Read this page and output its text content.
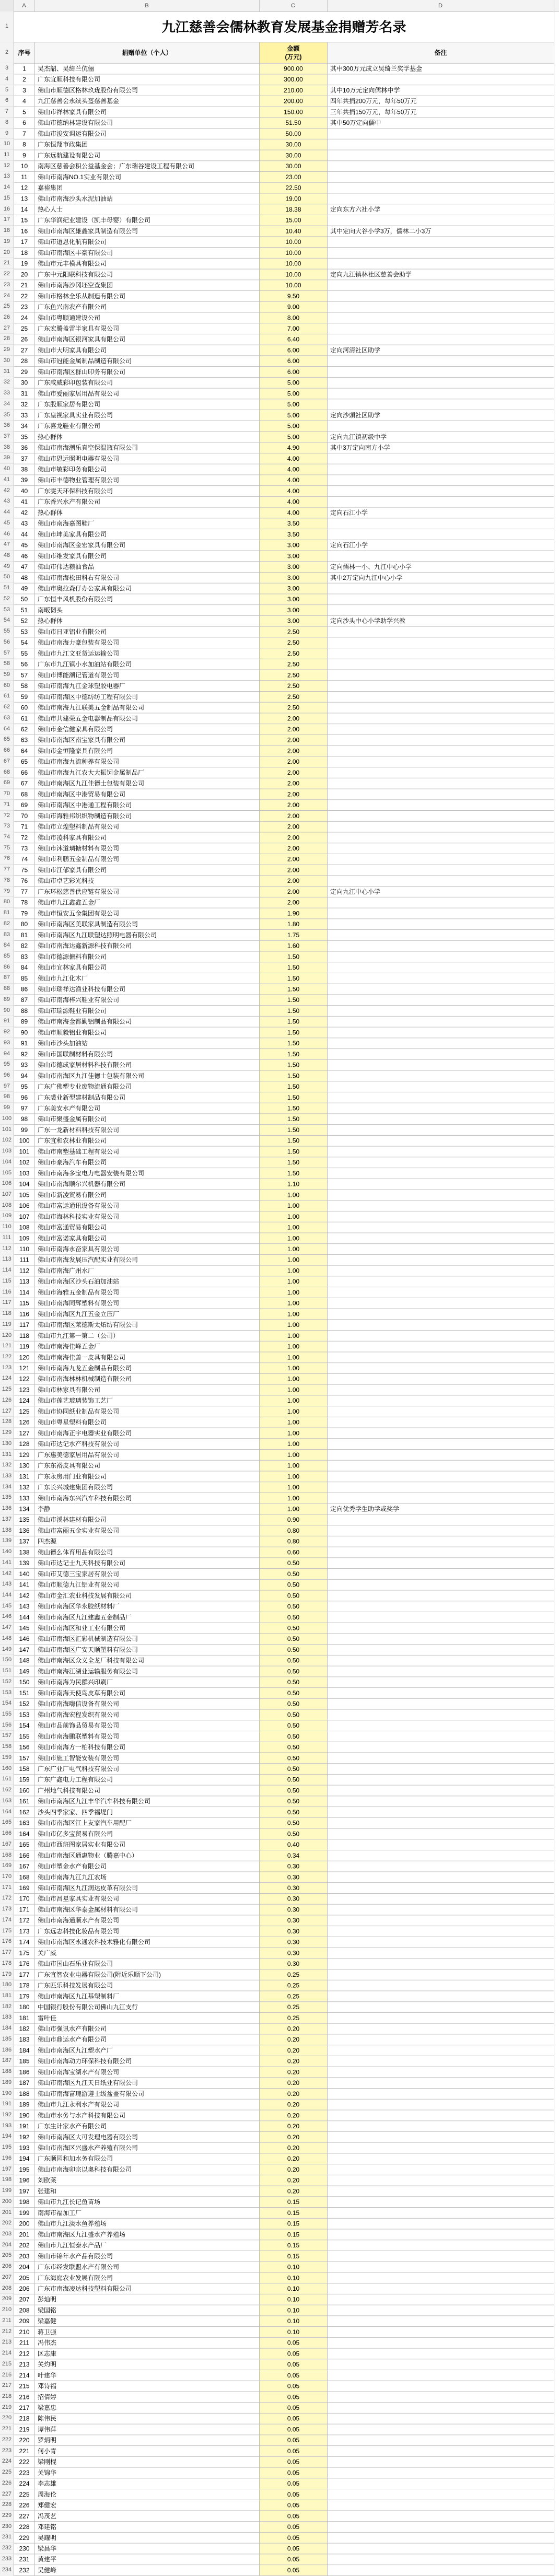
A	B	C	D
1
2
3
4
5
6
7
8
9
10
11
12
13
14
15
16
17
18
19
20
21
22
23
24
25
26
27
28
29
30
31
32
33
34
35
36
37
38
39
40
41
42
43
44
45
46
47
48
49
50
51
52
53
54
55
56
57
58
59
60
61
62
63
64
65
66
67
68
69
70
71
72
73
74
75
76
77
78
79
80
81
82
83
84
85
86
87
88
89
90
91
92
93
94
95
96
97
98
99
100
101
102
103
104
105
106
107
108
109
110
111
112
113
114
115
116
117
118
119
120
121
122
123
124
125
126
127
128
129
130
131
132
133
134
135
136
137
138
139
140
141
142
143
144
145
146
147
148
149
150
151
152
153
154
155
156
157
158
159
160
161
162
163
164
165
166
167
168
169
170
171
172
173
174
175
176
177
178
179
180
181
182
183
184
185
186
187
188
189
190
191
192
193
194
195
196
197
198
199
200
201
202
203
204
205
206
207
208
209
210
211
212
213
214
215
216
217
218
219
220
221
222
223
224
225
226
227
228
229
230
231
232
233
234
九江慈善会儒林教育发展基金捐赠芳名录			
序号	捐赠单位（个人）	金额
(万元)	备注
1	吴杰韶、吴绮兰伉俪	900.00	其中300万元成立吴绮兰奖学基金
2	广东宜顺科技有限公司	300.00	
3	佛山市顺德区格林玖珑股份有限公司	210.00	其中10万元定向儒林中学
4	九江慈善会永续头盔慈善基金	200.00	四年共捐200万元，每年50万元
5	佛山市祥林家具有限公司	150.00	三年共捐150万元，每年50万元
6	佛山市德纳林建设有限公司	51.50	其中50万定向儒中
7	佛山市浚安调运有限公司	50.00	
8	广东恒翔市政集团	30.00	
9	广东远航建设有限公司	30.00	
10	南海区慈善会积公益基金会；广东瑞谷建设工程有限公司	30.00	
11	佛山市南海NO.1实业有限公司	23.00	
12	嘉裕集团	22.50	
13	佛山市南海沙头水泥加油站	19.00	
14	热心人士	18.38	定向东方六社小学
15	广东华润纪业建设（凯丰母婴）有限公司	15.00	
16	佛山市南海区雄鑫家具制造有限公司	10.40	其中定向大谷小学3万，儒林二小3万
17	佛山市道恩化航有限公司	10.00	
18	佛山市南海区丰豪有限公司	10.00	
19	佛山市元丰模具有限公司	10.00	
20	广东中元阳联科技有限公司	10.00	定向九江镇林社区慈善会助学
21	佛山市南海沙冈坯空查集团	10.00	
22	佛山市格林全乐从制造有限公司	9.50	
23	广东鱼兴南农产有限公司	9.00	
24	佛山市粤顺通建设公司	8.00	
25	广东宏腾盖雷半家具有限公司	7.00	
26	佛山市南海区银河家具有限公司	6.40	
27	佛山市大明家具有限公司	6.00	定向河清社区助学
28	佛山市冠能金属制品制造有限公司	6.00	
29	佛山市南海区群山印务有限公司	6.00	
30	广东咸威彩印包装有限公司	5.00	
31	佛山市爱丽家居用品有限公司	5.00	
32	广东殷顺家居有限公司	5.00	
33	广东皇视家具实业有限公司	5.00	定向沙頭社区助学
34	广东喜龙鞋业有限公司	5.00	
35	热心群体	5.00	定向九江镇初级中学
36	佛山市南海潮乐真空保温瓶有限公司	4.90	其中3万定向南方小学
37	佛山市恩远照明电器有限公司	4.00	
38	佛山市敏彩印务有限公司	4.00	
39	佛山市丰德物业管理有限公司	4.00	
40	广东雯天环保科技有限公司	4.00	
41	广东香兴水产有限公司	4.00	
42	热心群体	4.00	定向石江小学
43	佛山市南海嘉图鞋厂	3.50	
44	佛山市坤美家具有限公司	3.50	
45	佛山市南海区金宏家具有限公司	3.00	定向石江小学
46	佛山市维发家具有限公司	3.00	
47	佛山市伟达粮油食品	3.00	定向儒林一小、九江中心小学
48	佛山市南海松田科右有限公司	3.00	其中2万定向九江中心小学
49	佛山市奥拉森仔办公家具有限公司	3.00	
50	广东恒丰风机股份有限公司	3.00	
51	南畈韧头	3.00	
52	热心群体	3.00	定向沙头中心小学助学兴教
53	佛山市日亚铝业有限公司	2.50	
54	佛山市南海力豪包装有限公司	2.50	
55	佛山市九江文亚货运运输公司	2.50	
56	广东市九江镇小水加油站有限公司	2.50	
57	佛山市博能潮记管道有限公司	2.50	
58	佛山市南海九江金球塑胶电器厂	2.50	
59	佛山市南海区中德纺纺工程有限公司	2.50	
60	佛山市南海九江联美五金制品有限公司	2.50	
61	佛山市共建荣五金电器制品有限公司	2.00	
62	佛山市金信健家具有限公司	2.00	
63	佛山市南海区南宝家具有限公司	2.00	
64	佛山市金恒隆家具有限公司	2.00	
65	佛山市南海九流种养有限公司	2.00	
66	佛山市南海九江农大大振饲金属制品厂	2.00	
67	佛山市南海区九江佳德士包装有限公司	2.00	
68	佛山市南海区中港贸易有限公司	2.00	
69	佛山市南海区中港通工程有限公司	2.00	
70	佛山市海雅邦织织物制造有限公司	2.00	
71	佛山市立煌塑料制品有限公司	2.00	
72	佛山市凌科家具有限公司	2.00	
73	佛山市沐道璃搪材料有限公司	2.00	
74	佛山市利鹏五金制品有限公司	2.00	
75	佛山市江郁家具有限公司	2.00	
76	佛山市卓艺彩光科技	2.00	
77	广东环松慈善供应链有限公司	2.00	定向九江中心小学
78	佛山市九江鑫鑫五金厂	2.00	
79	佛山市恒安五金集团有限公司	1.90	
80	佛山市南海区美联家具制造有限公司	1.80	
81	佛山市南海区九江联塑达照明电器有限公司	1.75	
82	佛山市南海达鑫新源科技有限公司	1.60	
83	佛山市德源搪料有限公司	1.50	
84	佛山市宜林家具有限公司	1.50	
85	佛山市九江化木厂	1.50	
86	佛山市瑞祥达渔业科技有限公司	1.50	
87	佛山市南海梓兴鞋业有限公司	1.50	
88	佛山市瑞源鞋业有限公司	1.50	
89	佛山市南海金都勤铝制品有限公司	1.50	
90	佛山市顺毅铝业有限公司	1.50	
91	佛山市沙头加油站	1.50	
92	佛山市国联制材料有限公司	1.50	
93	佛山市德成家居材料科技有限公司	1.50	
94	佛山市南海区九江佳德士包装有限公司	1.50	
95	广东广佛塑专业废物流通有限公司	1.50	
96	广东裘业新型建材制品有限公司	1.50	
97	广东美安水产有限公司	1.50	
98	佛山市聚盛金属有限公司	1.50	
99	广东一龙新材料科技有限公司	1.50	
100	广东宜和农林业有限公司	1.50	
101	佛山市南塑基础工程有限公司	1.50	
102	佛山市豪海汽车有限公司	1.50	
103	佛山市南海多宝电力电器安装有限公司	1.50	
104	佛山市南海顺尔兴机器有限公司	1.10	
105	佛山市新凌贸易有限公司	1.00	
106	佛山市富运通讯设备有限公司	1.00	
107	佛山市海林科技实业有限公司	1.00	
108	佛山市富通贸易有限公司	1.00	
109	佛山市富诺家具有限公司	1.00	
110	佛山市南海永奋家具有限公司	1.00	
111	佛山市南海发展压汽配实业有限公司	1.00	
112	佛山市南海广州水厂	1.00	
113	佛山市南海区沙头石油加油站	1.00	
114	佛山市海雅五金制品有限公司	1.00	
115	佛山市南海同辉塑料有限公司	1.00	
116	佛山市南海区九江五金立压厂	1.00	
117	佛山市南海区莱德斯太炻纺有限公司	1.00	
118	佛山市九江第一第二（公司）	1.00	
119	佛山市南海佳峰五金厂	1.00	
120	佛山市南海佳善一皮具有限公司	1.00	
121	佛山市南海九龙五金制品有限公司	1.00	
122	佛山市南海林林机械制造有限公司	1.00	
123	佛山市林家具有限公司	1.00	
124	佛山市莲艺玻璃装饰工艺厂	1.00	
125	佛山市协同纸业制品有限公司	1.00	
126	佛山市粤星塑料有限公司	1.00	
127	佛山市南海正宇电器实业有限公司	1.00	
128	佛山市达记水产科技有限公司	1.00	
129	广东惠美德家居用品有限公司	1.00	
130	广东东裕皮具有限公司	1.00	
131	广东永房用门业有限公司	1.00	
132	广东长兴城建集团有限公司	1.00	
133	佛山市南海东兴汽车科技有限公司	1.00	
134	李静	1.00	定向优秀学生助学或奖学
135	佛山市溪林建材有限公司	0.90	
136	佛山市富丽五金实业有限公司	0.80	
137	四杰源	0.80	
138	佛山德么体育用品有限公司	0.60	
139	佛山市达记士九天科技有限公司	0.50	
140	佛山市艾德三宝家居有限公司	0.50	
141	佛山市顺德九江铝业有限公司	0.50	
142	佛山市金汇农业科技发展有限公司	0.50	
143	佛山市南海区华永胶纸材料厂	0.50	
144	佛山市南海区九江建鑫五金制品厂	0.50	
145	佛山市南海区和业工业有限公司	0.50	
146	佛山市南海区汇彩机械制造有限公司	0.50	
147	佛山市南海区广安天顺塑料有限公司	0.50	
148	佛山市南海区众义全龙厂科技有限公司	0.50	
149	佛山市南海江湖业运输服务有限公司	0.50	
150	佛山市南海为民群兴印刷厂	0.50	
151	佛山市南海天使鸟皮草有限公司	0.50	
152	佛山市南海嗨信设备有限公司	0.50	
153	佛山市南海宏程发织有限公司	0.50	
154	佛山市品前饰品贸易有限公司	0.50	
155	佛山市南海鹏联塑料有限公司	0.50	
156	佛山市南海方一柏科技有限公司	0.50	
157	佛山市施工智能安装有限公司	0.50	
158	广东广业厂电气科技有限公司	0.50	
159	广东广鑫电力工程有限公司	0.50	
160	广州地气科技有限公司	0.50	
161	佛山市南海区九江丰华汽车科技有限公司	0.50	
162	沙头四季家家、四季福堤门	0.50	
163	佛山市南海区江上友家汽车用配厂	0.50	
164	佛山市亿多宝贸易有限公司	0.50	
165	佛山市西班图家居实业有限公司	0.40	
166	佛山市南海区通惠物业（腾嘉中心）	0.34	
167	佛山市塑金水产有限公司	0.30	
168	佛山市南海九江九江农场	0.30	
169	佛山市南海区九江润达皮革有限公司	0.30	
170	佛山市昌星家具实业有限公司	0.30	
171	佛山市南海区华泰金属材料有限公司	0.30	
172	佛山市南海通顺水产有限公司	0.30	
173	广东远志科技化妆品有限公司	0.30	
174	佛山市南海区永通农科技术雅化有限公司	0.30	
175	关广威	0.30	
176	佛山市国山石乐业有限公司	0.30	
177	广东宜智农业电器有限公司(附近乐顺下公司)	0.25	
178	广东匹乐科技发展有限公司	0.25	
179	佛山市南海区九江基塑制料厂	0.25	
180	中国银行股份有限公司佛山九江支行	0.25	
181	雷叶佳	0.25	
182	佛山市强讯水产有限公司	0.20	
183	佛山市鼎运水产有限公司	0.20	
184	佛山市南海区九江塑水产厂	0.20	
185	佛山市南海动力环保科技有限公司	0.20	
186	佛山市南海宝湖水产有限公司	0.20	
187	佛山市南海区九江天日纸业有限公司	0.20	
188	佛山市南海富瑰游遵士级盆盖有限公司	0.20	
189	佛山市九江永利水产有限公司	0.20	
190	佛山市水务与水产科技有限公司	0.20	
191	广东生计家水产有限公司	0.20	
192	佛山市南海区大可发理电器有限公司	0.20	
193	佛山市南海区兴盛水产养殖有限公司	0.20	
194	广东顺园和加水务有限公司	0.20	
195	佛山市南海卯宗以奥科技有限公司	0.20	
196	刘欧莱	0.20	
197	张建和	0.20	
198	佛山市九江长记鱼苗场	0.15	
199	南海市福加工厂	0.15	
200	佛山市九江淡水鱼养殖场	0.15	
201	佛山市南海区九江盛水产养殖场	0.15	
202	佛山市九江恒泰水产品厂	0.15	
203	佛山市锦年水产品有限公司	0.15	
204	广东市经发联盟水产有限公司	0.10	
205	广东海庭农业发展有限公司	0.10	
206	广东市南海凌达科技塑料有限公司	0.10	
207	彭灿明	0.10	
208	梁国铭	0.10	
209	梁嘉健	0.10	
210	蒋卫强	0.10	
211	冯伟杰	0.05	
212	区志康	0.05	
213	关灼明	0.05	
214	叶建华	0.05	
215	邓诗福	0.05	
216	招倩婷	0.05	
217	梁嘉忠	0.05	
218	陈伟民	0.05	
219	谭伟萍	0.05	
220	罗炳明	0.05	
221	何小青	0.05	
222	梁刚棍	0.05	
223	关锦华	0.05	
224	李志雄	0.05	
225	周海伦	0.05	
226	郑健宏	0.05	
227	冯茂艺	0.05	
228	邓建铭	0.05	
229	吴耀明	0.05	
230	梁昌华	0.05	
231	黄建平	0.05	
232	吴健峰	0.05	
